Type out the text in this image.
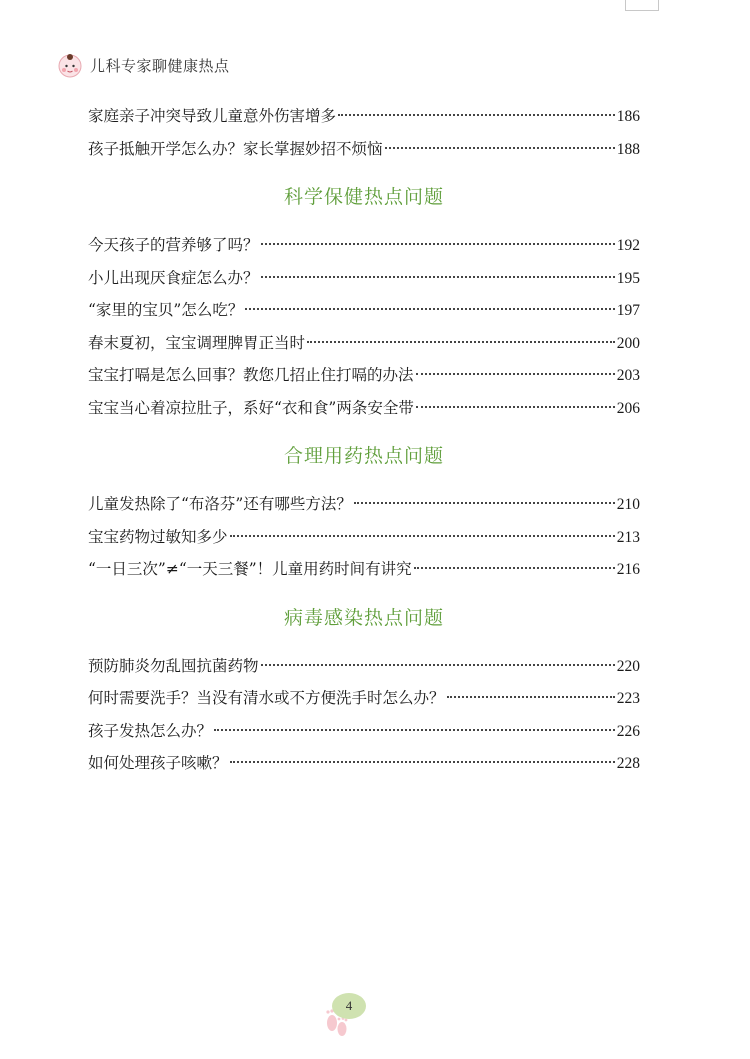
儿科专家聊健康热点
家庭亲子冲突导致儿童意外伤害增多	186
孩子抵触开学怎么办？家长掌握妙招不烦恼	188
科学保健热点问题
今天孩子的营养够了吗？	192
小儿出现厌食症怎么办？	195
“家里的宝贝”怎么吃？	197
春末夏初，宝宝调理脾胃正当时	200
宝宝打嗝是怎么回事？教您几招止住打嗝的办法	203
宝宝当心着凉拉肚子，系好“衣和食”两条安全带	206
合理用药热点问题
儿童发热除了“布洛芬”还有哪些方法？	210
宝宝药物过敏知多少	213
“一日三次”≠“一天三餐”！儿童用药时间有讲究	216
病毒感染热点问题
预防肺炎勿乱囤抗菌药物	220
何时需要洗手？当没有清水或不方便洗手时怎么办？	223
孩子发热怎么办？	226
如何处理孩子咳嗽？	228
4
